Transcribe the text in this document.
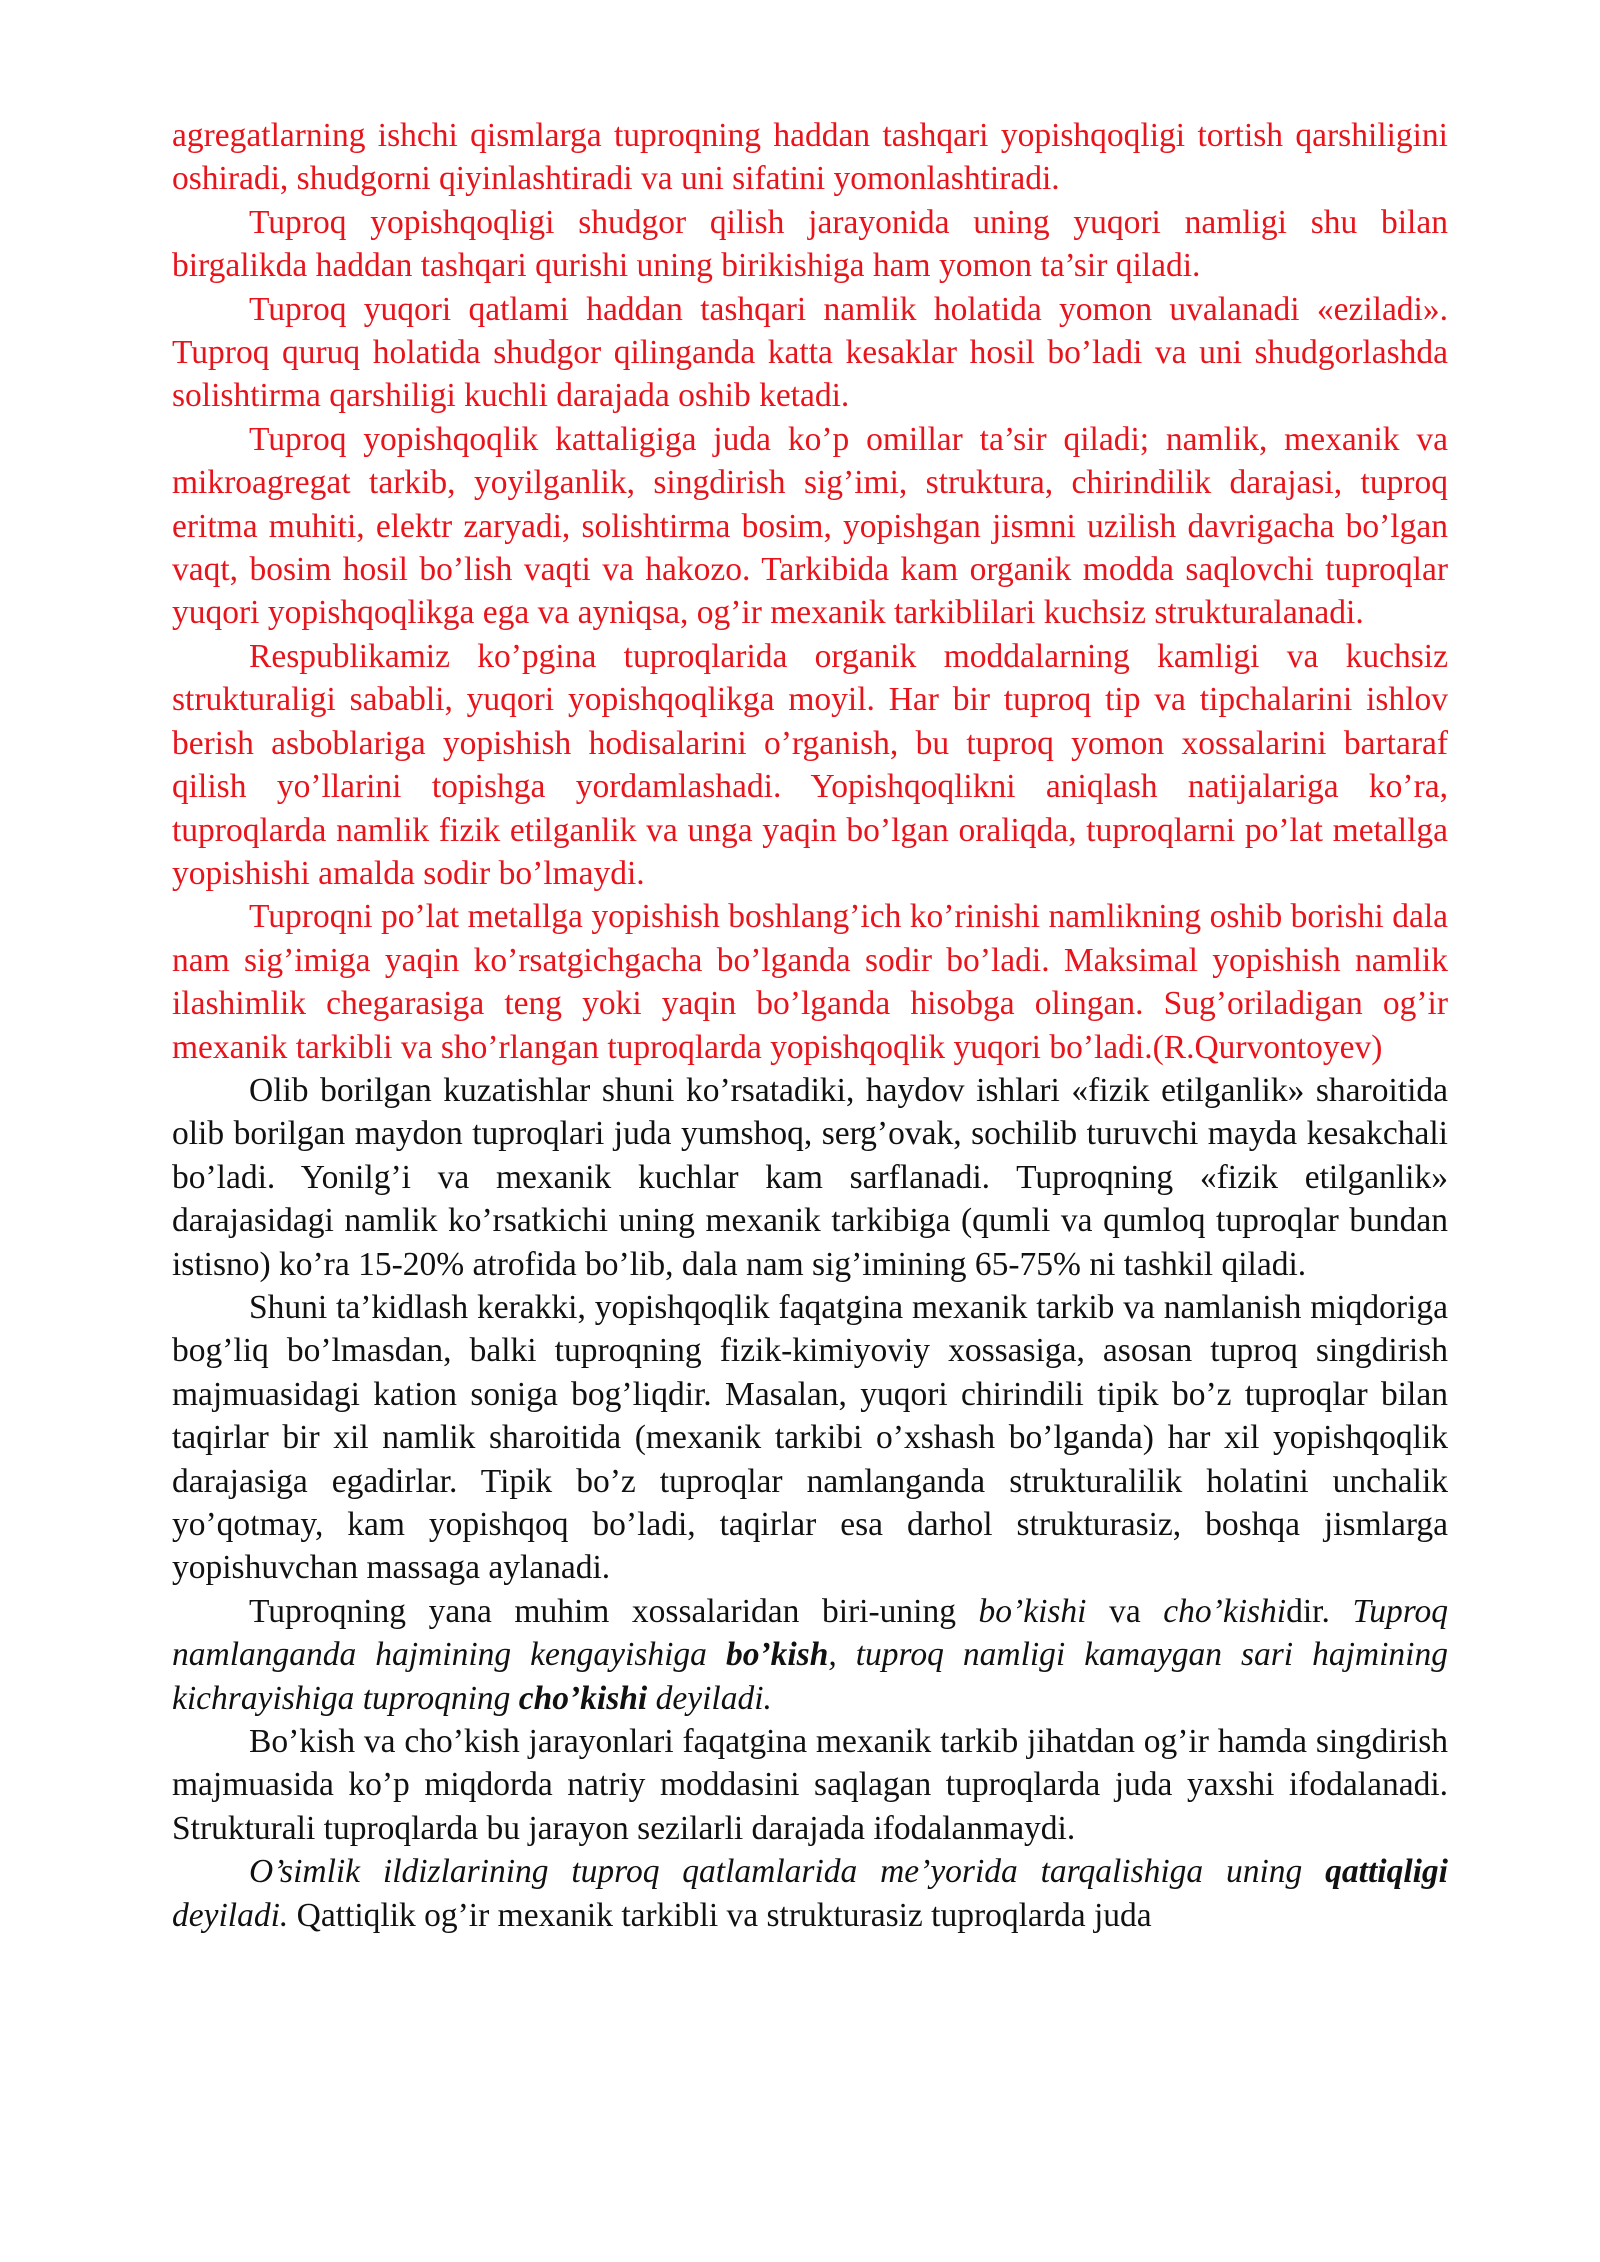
agregatlarning ishchi qismlarga tuproqning haddan tashqari yopishqoqligi tortish qarshiligini oshiradi, shudgorni qiyinlashtiradi va uni sifatini yomonlashtiradi.

Tuproq yopishqoqligi shudgor qilish jarayonida uning yuqori namligi shu bilan birgalikda haddan tashqari qurishi uning birikishiga ham yomon ta’sir qiladi.

Tuproq yuqori qatlami haddan tashqari namlik holatida yomon uvalanadi «eziladi». Tuproq quruq holatida shudgor qilinganda katta kesaklar hosil bo’ladi va uni shudgorlashda solishtirma qarshiligi kuchli darajada oshib ketadi.

Tuproq yopishqoqlik kattaligiga juda ko’p omillar ta’sir qiladi; namlik, mexanik va mikroagregat tarkib, yoyilganlik, singdirish sig’imi, struktura, chirindilik darajasi, tuproq eritma muhiti, elektr zaryadi, solishtirma bosim, yopishgan jismni uzilish davrigacha bo’lgan vaqt, bosim hosil bo’lish vaqti va hakozo. Tarkibida kam organik modda saqlovchi tuproqlar yuqori yopishqoqlikga ega va ayniqsa, og’ir mexanik tarkiblilari kuchsiz strukturalanadi.

Respublikamiz ko’pgina tuproqlarida organik moddalarning kamligi va kuchsiz strukturaligi sababli, yuqori yopishqoqlikga moyil. Har bir tuproq tip va tipchalarini ishlov berish asboblariga yopishish hodisalarini o’rganish, bu tuproq yomon xossalarini bartaraf qilish yo’llarini topishga yordamlashadi. Yopishqoqlikni aniqlash natijalariga ko’ra, tuproqlarda namlik fizik etilganlik va unga yaqin bo’lgan oraliqda, tuproqlarni po’lat metallga yopishishi amalda sodir bo’lmaydi.

Tuproqni po’lat metallga yopishish boshlang’ich ko’rinishi namlikning oshib borishi dala nam sig’imiga yaqin ko’rsatgichgacha bo’lganda sodir bo’ladi. Maksimal yopishish namlik ilashimlik chegarasiga teng yoki yaqin bo’lganda hisobga olingan. Sug’oriladigan og’ir mexanik tarkibli va sho’rlangan tuproqlarda yopishqoqlik yuqori bo’ladi.(R.Qurvontoyev)

Olib borilgan kuzatishlar shuni ko’rsatadiki, haydov ishlari «fizik etilganlik» sharoitida olib borilgan maydon tuproqlari juda yumshoq, serg’ovak, sochilib turuvchi mayda kesakchali bo’ladi. Yonilg’i va mexanik kuchlar kam sarflanadi. Tuproqning «fizik etilganlik» darajasidagi namlik ko’rsatkichi uning mexanik tarkibiga (qumli va qumloq tuproqlar bundan istisno) ko’ra 15-20% atrofida bo’lib, dala nam sig’imining 65-75% ni tashkil qiladi.

Shuni ta’kidlash kerakki, yopishqoqlik faqatgina mexanik tarkib va namlanish miqdoriga bog’liq bo’lmasdan, balki tuproqning fizik-kimiyoviy xossasiga, asosan tuproq singdirish majmuasidagi kation soniga bog’liqdir. Masalan, yuqori chirindili tipik bo’z tuproqlar bilan taqirlar bir xil namlik sharoitida (mexanik tarkibi o’xshash bo’lganda) har xil yopishqoqlik darajasiga egadirlar. Tipik bo’z tuproqlar namlanganda strukturalilik holatini unchalik yo’qotmay, kam yopishqoq bo’ladi, taqirlar esa darhol strukturasiz, boshqa jismlarga yopishuvchan massaga aylanadi.

Tuproqning yana muhim xossalaridan biri-uning bo’kishi va cho’kishidir. Tuproq namlanganda hajmining kengayishiga bo’kish, tuproq namligi kamaygan sari hajmining kichrayishiga tuproqning cho’kishi deyiladi.

Bo’kish va cho’kish jarayonlari faqatgina mexanik tarkib jihatdan og’ir hamda singdirish majmuasida ko’p miqdorda natriy moddasini saqlagan tuproqlarda juda yaxshi ifodalanadi. Strukturali tuproqlarda bu jarayon sezilarli darajada ifodalanmaydi.

O’simlik ildizlarining tuproq qatlamlarida me’yorida tarqalishiga uning qattiqligi deyiladi. Qattiqlik og’ir mexanik tarkibli va strukturasiz tuproqlarda juda
